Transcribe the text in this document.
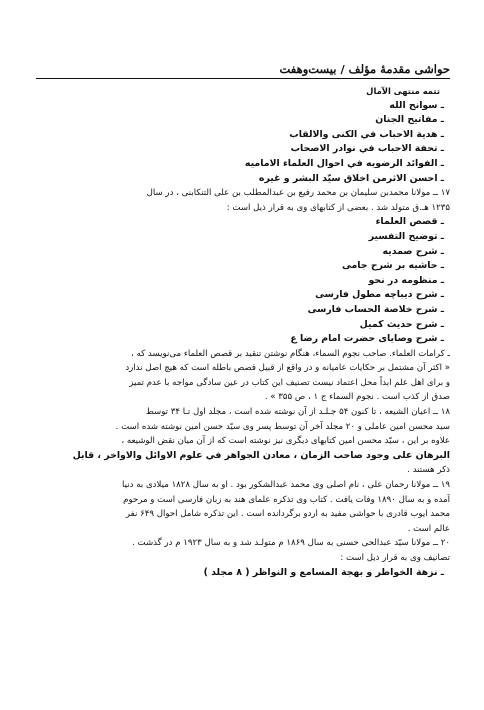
حواشی مقدمهٔ مؤلف / بیست‌وهفت
تتمه منتهی الآمال
ـ سوانح الله
ـ مفاتیح الجنان
ـ هدية الاحباب في الكنى والالقاب
ـ تحفة الاحباب في نوادر الاصحاب
ـ الفوائد الرضويه في احوال العلماء الاماميه
ـ احسن الاثرمن اخلاق سيّد البشر و غيره
۱۷ ــ مولانا محمدبن سلیمان بن محمد رفیع بن عبدالمطلب بن علی التنکابنی ، در سال
۱۲۳۵ هـ.ق متولد شد . بعضی از کتابهای وی به قرار ذیل است :
ـ قصص العلماء
ـ توضيح التفسير
ـ شرح صمديه
ـ حاشيه بر شرح جامی
ـ منظومه در نحو
ـ شرح ديباچه مطول فارسی
ـ شرح خلاصة الحساب فارسی
ـ شرح حديث كميل
ـ شرح وصاياى حضرت امام رضا ع
ـ كرامات العلماء. صاحب نجوم السماء، هنگام نوشتن تنقید بر قصص العلماء می‌نویسد که ،
« اکثر آن مشتمل بر حکایات عامیانه و در واقع از قبیل قصص باطله است که هیچ اصل ندارد
و برای اهل علم ابداً محل اعتماد نیست تصنیف این کتاب در عین سادگی مواجه با عدم تمیز
صدق از کذب است . نجوم السماء ج ۱ ، ص ۳۵۵ » .
۱۸ ــ اعیان الشیعه ، تا کنون ۵۴ جـلـد از آن نوشته شده است ، مجلد اول تـا ۳۴ توسط
سید محسن امین عاملی و ۲۰ مجلد آخر آن توسط پسر وی سیّد حسن امین نوشته شده است .
علاوه بر این ، سیّد محسن امین کتابهای دیگری نیز نوشته است که از آن میان نقض الوشیعه ،
البرهان على وجود صاحب الزمان ، معادن الجواهر في علوم الاوائل والاواخر ، قابل
ذکر هستند .
۱۹ ــ مولانا رحمان علی ، نام اصلی وی محمد عبدالشکور بود . او به سال ۱۸۲۸ میلادی به دنیا
آمده و به سال ۱۸۹۰ وفات یافت . کتاب وی تذکره علمای هند به زبان فارسی است و مرحوم
محمد ایوب قادری با حواشی مفید به اردو برگردانده است . این تذکره شامل احوال ۶۴۹ نفر
عالم است .
۲۰ ــ مولانا سیّد عبدالحی حسنی به سال ۱۸۶۹ م متولـد شد و به سال ۱۹۲۳ م در گذشت .
تصانیف وی به قرار ذیل است :
ـ نزهة الخواطر و بهجة المسامع و النواظر ( ۸ مجلد )
